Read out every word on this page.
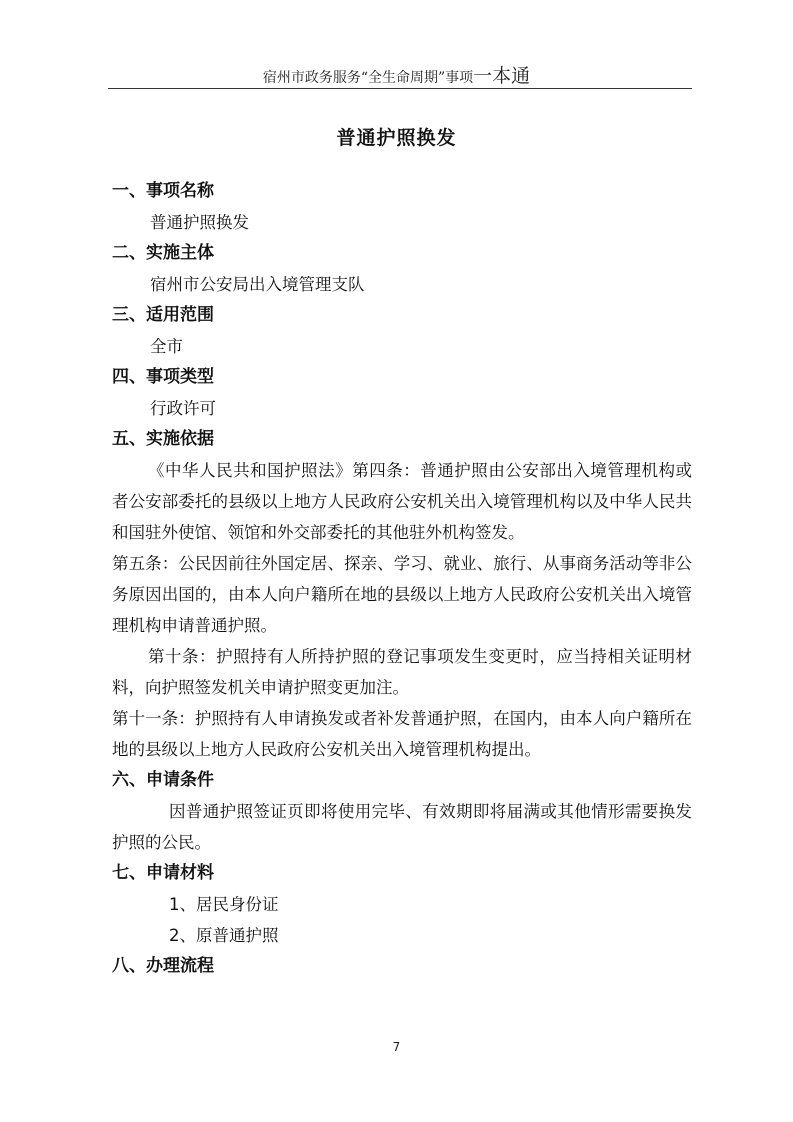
宿州市政务服务“全生命周期”事项一本通
普通护照换发
一、事项名称
普通护照换发
二、实施主体
宿州市公安局出入境管理支队
三、适用范围
全市
四、事项类型
行政许可
五、实施依据
《中华人民共和国护照法》第四条：普通护照由公安部出入境管理机构或者公安部委托的县级以上地方人民政府公安机关出入境管理机构以及中华人民共和国驻外使馆、领馆和外交部委托的其他驻外机构签发。
第五条：公民因前往外国定居、探亲、学习、就业、旅行、从事商务活动等非公务原因出国的，由本人向户籍所在地的县级以上地方人民政府公安机关出入境管理机构申请普通护照。
第十条：护照持有人所持护照的登记事项发生变更时，应当持相关证明材料，向护照签发机关申请护照变更加注。
第十一条：护照持有人申请换发或者补发普通护照，在国内，由本人向户籍所在地的县级以上地方人民政府公安机关出入境管理机构提出。
六、申请条件
因普通护照签证页即将使用完毕、有效期即将届满或其他情形需要换发护照的公民。
七、申请材料
1、居民身份证
2、原普通护照
八、办理流程
7
